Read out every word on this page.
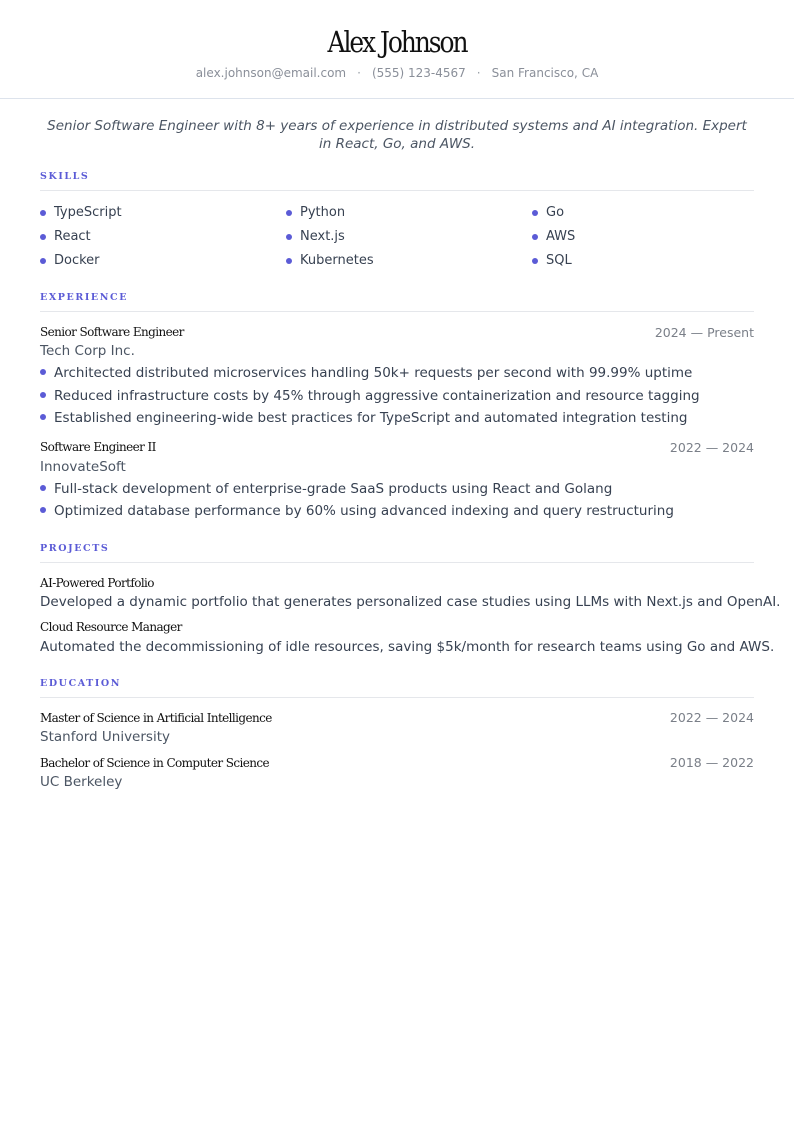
Alex Johnson
alex.johnson@email.com · (555) 123-4567 · San Francisco, CA
Senior Software Engineer with 8+ years of experience in distributed systems and AI integration. Expert in React, Go, and AWS.
SKILLS
TypeScript	Python	Go
React	Next.js	AWS
Docker	Kubernetes	SQL
EXPERIENCE
Senior Software Engineer	2024 — Present
Tech Corp Inc.
Architected distributed microservices handling 50k+ requests per second with 99.99% uptime
Reduced infrastructure costs by 45% through aggressive containerization and resource tagging
Established engineering-wide best practices for TypeScript and automated integration testing
Software Engineer II	2022 — 2024
InnovateSoft
Full-stack development of enterprise-grade SaaS products using React and Golang
Optimized database performance by 60% using advanced indexing and query restructuring
PROJECTS
AI-Powered Portfolio
Developed a dynamic portfolio that generates personalized case studies using LLMs with Next.js and OpenAI.
Cloud Resource Manager
Automated the decommissioning of idle resources, saving $5k/month for research teams using Go and AWS.
EDUCATION
Master of Science in Artificial Intelligence	2022 — 2024
Stanford University
Bachelor of Science in Computer Science	2018 — 2022
UC Berkeley
